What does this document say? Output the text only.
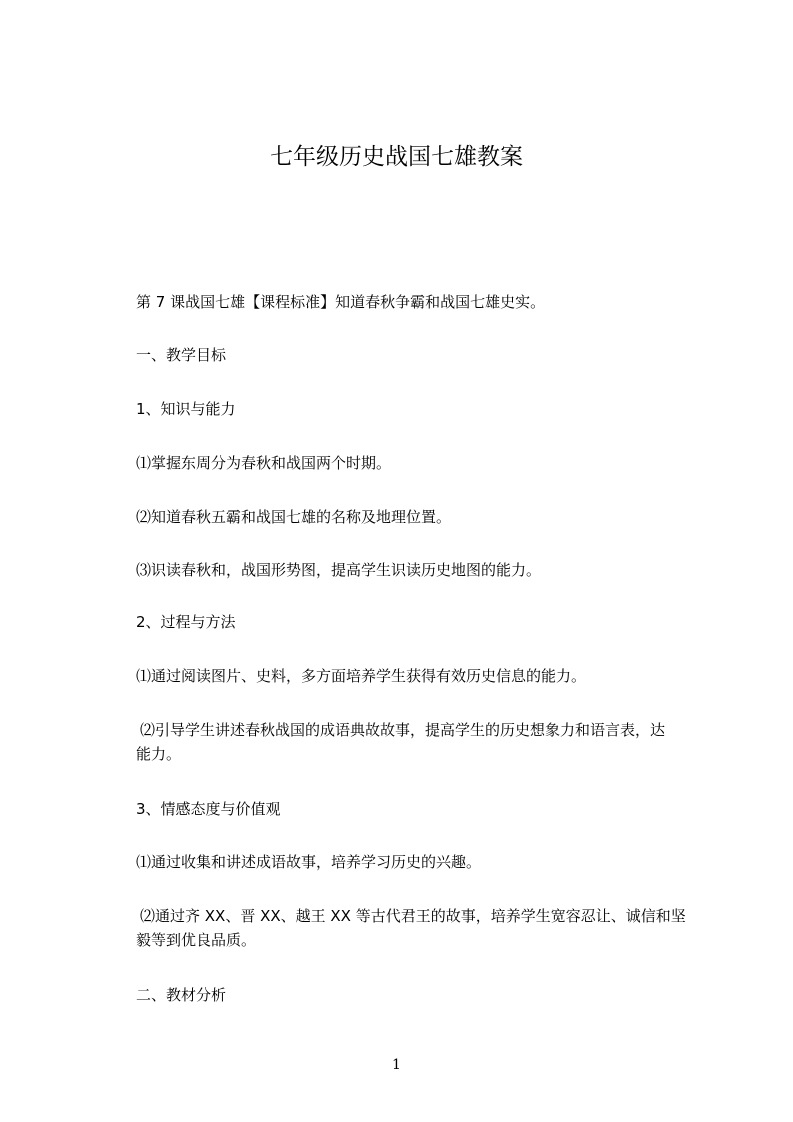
七年级历史战国七雄教案

第 7 课战国七雄【课程标准】知道春秋争霸和战国七雄史实。

一、教学目标

1、知识与能力

⑴掌握东周分为春秋和战国两个时期。

⑵知道春秋五霸和战国七雄的名称及地理位置。

⑶识读春秋和，战国形势图，提高学生识读历史地图的能力。

2、过程与方法

⑴通过阅读图片、史料，多方面培养学生获得有效历史信息的能力。

⑵引导学生讲述春秋战国的成语典故故事，提高学生的历史想象力和语言表，达
能力。

3、情感态度与价值观

⑴通过收集和讲述成语故事，培养学习历史的兴趣。

⑵通过齐 XX、晋 XX、越王 XX 等古代君王的故事，培养学生宽容忍让、诚信和坚
毅等到优良品质。

二、教材分析

1
